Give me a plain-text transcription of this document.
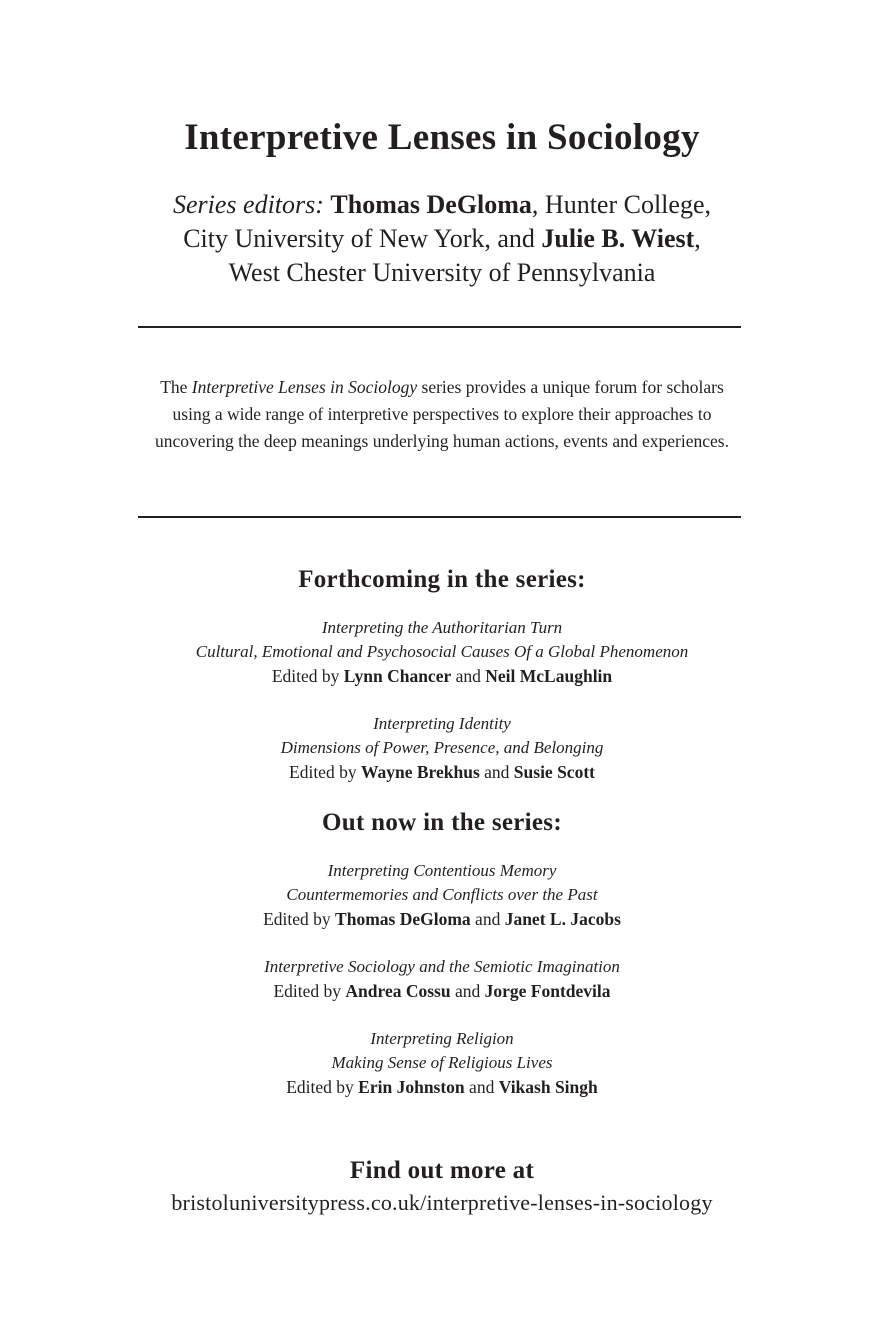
Interpretive Lenses in Sociology
Series editors: Thomas DeGloma, Hunter College,
City University of New York, and Julie B. Wiest,
West Chester University of Pennsylvania
The Interpretive Lenses in Sociology series provides a unique forum for scholars using a wide range of interpretive perspectives to explore their approaches to uncovering the deep meanings underlying human actions, events and experiences.
Forthcoming in the series:
Interpreting the Authoritarian Turn
Cultural, Emotional and Psychosocial Causes Of a Global Phenomenon
Edited by Lynn Chancer and Neil McLaughlin
Interpreting Identity
Dimensions of Power, Presence, and Belonging
Edited by Wayne Brekhus and Susie Scott
Out now in the series:
Interpreting Contentious Memory
Countermemories and Conflicts over the Past
Edited by Thomas DeGloma and Janet L. Jacobs
Interpretive Sociology and the Semiotic Imagination
Edited by Andrea Cossu and Jorge Fontdevila
Interpreting Religion
Making Sense of Religious Lives
Edited by Erin Johnston and Vikash Singh
Find out more at
bristoluniversitypress.co.uk/interpretive-lenses-in-sociology
